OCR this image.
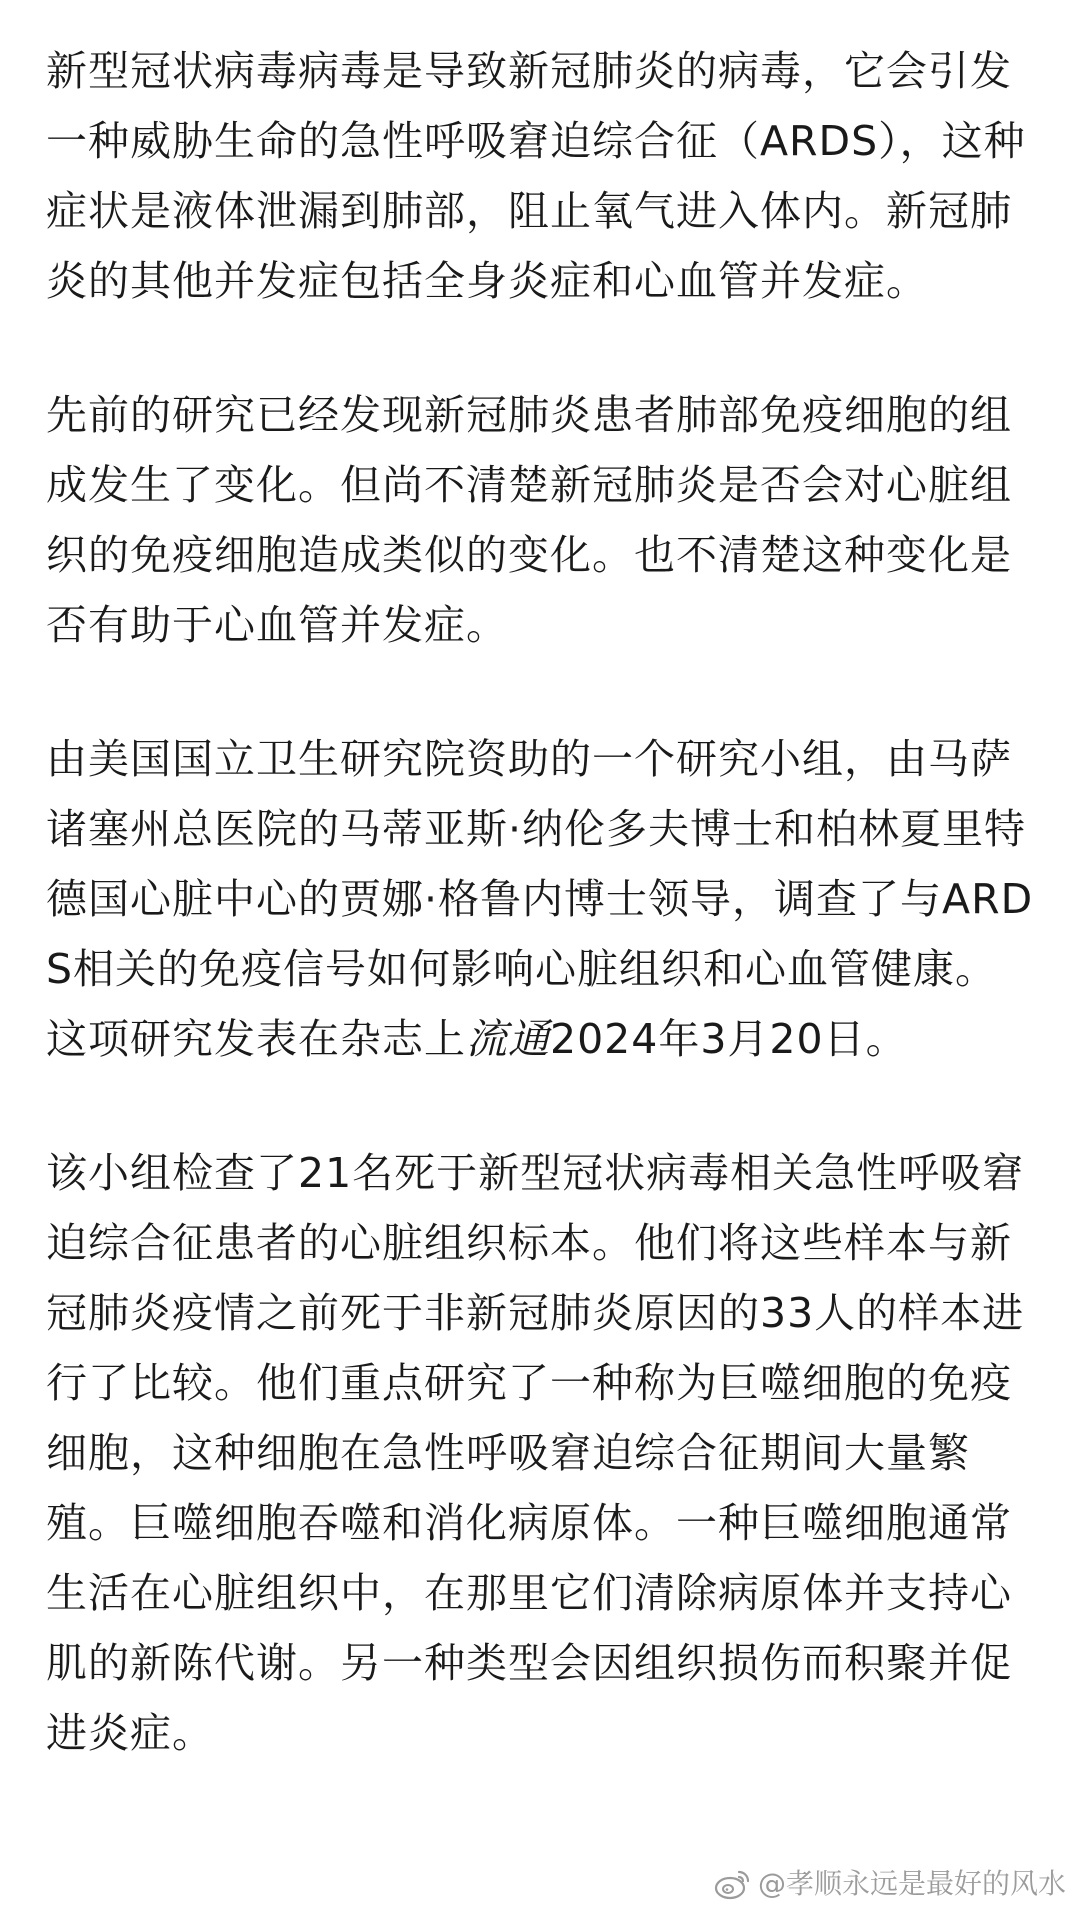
新型冠状病毒病毒是导致新冠肺炎的病毒，它会引发一种威胁生命的急性呼吸窘迫综合征（ARDS），这种症状是液体泄漏到肺部，阻止氧气进入体内。新冠肺炎的其他并发症包括全身炎症和心血管并发症。

先前的研究已经发现新冠肺炎患者肺部免疫细胞的组成发生了变化。但尚不清楚新冠肺炎是否会对心脏组织的免疫细胞造成类似的变化。也不清楚这种变化是否有助于心血管并发症。

由美国国立卫生研究院资助的一个研究小组，由马萨诸塞州总医院的马蒂亚斯·纳伦多夫博士和柏林夏里特德国心脏中心的贾娜·格鲁内博士领导，调查了与ARDS相关的免疫信号如何影响心脏组织和心血管健康。这项研究发表在杂志上流通2024年3月20日。

该小组检查了21名死于新型冠状病毒相关急性呼吸窘迫综合征患者的心脏组织标本。他们将这些样本与新冠肺炎疫情之前死于非新冠肺炎原因的33人的样本进行了比较。他们重点研究了一种称为巨噬细胞的免疫细胞，这种细胞在急性呼吸窘迫综合征期间大量繁殖。巨噬细胞吞噬和消化病原体。一种巨噬细胞通常生活在心脏组织中，在那里它们清除病原体并支持心肌的新陈代谢。另一种类型会因组织损伤而积聚并促进炎症。

@孝顺永远是最好的风水
